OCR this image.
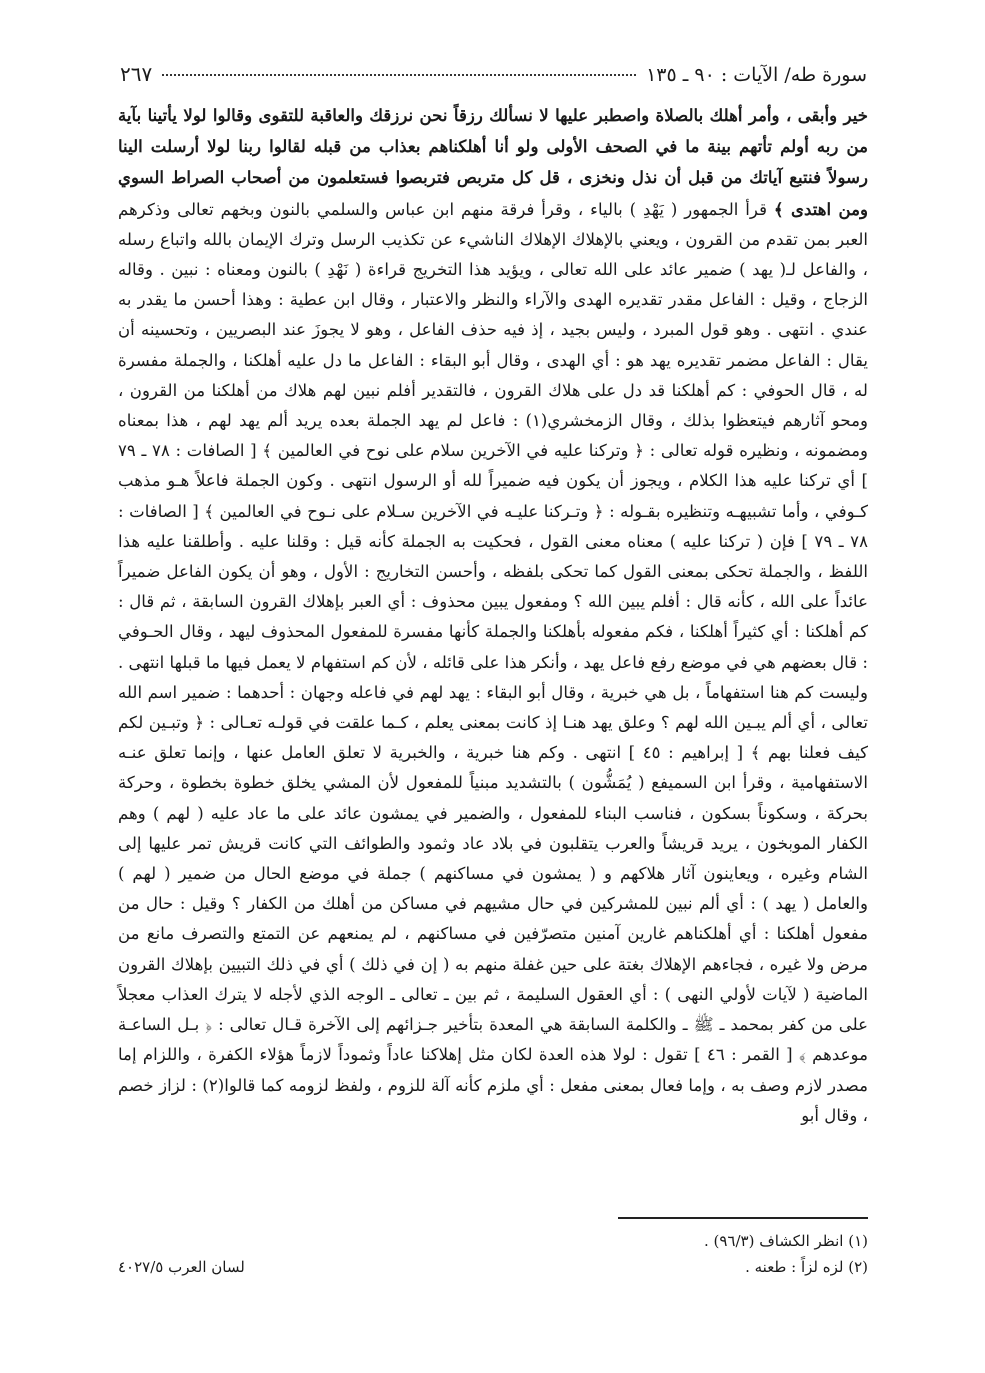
سورة طه/ الآيات : ٩٠ ـ ١٣٥
٢٦٧

خير وأبقى ، وأمر أهلك بالصلاة واصطبر عليها لا نسألك رزقاً نحن نرزقك والعاقبة للتقوى وقالوا لولا يأتينا بآية من ربه أولم تأتهم بينة ما في الصحف الأولى ولو أنا أهلكناهم بعذاب من قبله لقالوا ربنا لولا أرسلت الينا رسولاً فنتبع آياتك من قبل أن نذل ونخزى ، قل كل متربص فتربصوا فستعلمون من أصحاب الصراط السوي ومن اهتدى ﴾ قرأ الجمهور ( يَهْدِ ) بالياء ، وقرأ فرقة منهم ابن عباس والسلمي بالنون وبخهم تعالى وذكرهم العبر بمن تقدم من القرون ، ويعني بالإهلاك الإهلاك الناشيء عن تكذيب الرسل وترك الإيمان بالله واتباع رسله ، والفاعل لـ( يهد ) ضمير عائد على الله تعالى ، ويؤيد هذا التخريج قراءة ( نَهْدِ ) بالنون ومعناه : نبين . وقاله الزجاج ، وقيل : الفاعل مقدر تقديره الهدى والآراء والنظر والاعتبار ، وقال ابن عطية : وهذا أحسن ما يقدر به عندي . انتهى . وهو قول المبرد ، وليس بجيد ، إذ فيه حذف الفاعل ، وهو لا يجوزَ عند البصريين ، وتحسينه أن يقال : الفاعل مضمر تقديره يهد هو : أي الهدى ، وقال أبو البقاء : الفاعل ما دل عليه أهلكنا ، والجملة مفسرة له ، قال الحوفي : كم أهلكنا قد دل على هلاك القرون ، فالتقدير أفلم نبين لهم هلاك من أهلكنا من القرون ، ومحو آثارهم فيتعظوا بذلك ، وقال الزمخشري(١) : فاعل لم يهد الجملة بعده يريد ألم يهد لهم ، هذا بمعناه ومضمونه ، ونظيره قوله تعالى : ﴿ وتركنا عليه في الآخرين سلام على نوح في العالمين ﴾ [ الصافات : ٧٨ ـ ٧٩ ] أي تركنا عليه هذا الكلام ، ويجوز أن يكون فيه ضميراً لله أو الرسول انتهى . وكون الجملة فاعلاً هـو مذهب كـوفي ، وأما تشبيهـه وتنظيره بقـوله : ﴿ وتـركنا عليـه في الآخرين سـلام على نـوح في العالمين ﴾ [ الصافات : ٧٨ ـ ٧٩ ] فإن ( تركنا عليه ) معناه معنى القول ، فحكيت به الجملة كأنه قيل : وقلنا عليه . وأطلقنا عليه هذا اللفظ ، والجملة تحكى بمعنى القول كما تحكى بلفظه ، وأحسن التخاريج : الأول ، وهو أن يكون الفاعل ضميراً عائداً على الله ، كأنه قال : أفلم يبين الله ؟ ومفعول يبين محذوف : أي العبر بإهلاك القرون السابقة ، ثم قال : كم أهلكنا : أي كثيراً أهلكنا ، فكم مفعوله بأهلكنا والجملة كأنها مفسرة للمفعول المحذوف ليهد ، وقال الحـوفي : قال بعضهم هي في موضع رفع فاعل يهد ، وأنكر هذا على قائله ، لأن كم استفهام لا يعمل فيها ما قبلها انتهى . وليست كم هنا استفهاماً ، بل هي خبرية ، وقال أبو البقاء : يهد لهم في فاعله وجهان : أحدهما : ضمير اسم الله تعالى ، أي ألم يبـين الله لهم ؟ وعلق يهد هنـا إذ كانت بمعنى يعلم ، كـما علقت في قولـه تعـالى : ﴿ وتبـين لكم كيف فعلنا بهم ﴾ [ إبراهيم : ٤٥ ] انتهى . وكم هنا خبرية ، والخبرية لا تعلق العامل عنها ، وإنما تعلق عنـه الاستفهامية ، وقرأ ابن السميفع ( يُمَشُّون ) بالتشديد مبنياً للمفعول لأن المشي يخلق خطوة بخطوة ، وحركة بحركة ، وسكوناً بسكون ، فناسب البناء للمفعول ، والضمير في يمشون عائد على ما عاد عليه ( لهم ) وهم الكفار الموبخون ، يريد قريشاً والعرب يتقلبون في بلاد عاد وثمود والطوائف التي كانت قريش تمر عليها إلى الشام وغيره ، ويعاينون آثار هلاكهم و ( يمشون في مساكنهم ) جملة في موضع الحال من ضمير ( لهم ) والعامل ( يهد ) : أي ألم نبين للمشركين في حال مشيهم في مساكن من أهلك من الكفار ؟ وقيل : حال من مفعول أهلكنا : أي أهلكناهم غارين آمنين متصرّفين في مساكنهم ، لم يمنعهم عن التمتع والتصرف مانع من مرض ولا غيره ، فجاءهم الإهلاك بغتة على حين غفلة منهم به ( إن في ذلك ) أي في ذلك التبيين بإهلاك القرون الماضية ( لآيات لأولي النهى ) : أي العقول السليمة ، ثم بين ـ تعالى ـ الوجه الذي لأجله لا يترك العذاب معجلاً على من كفر بمحمد ـ ﷺ ـ والكلمة السابقة هي المعدة بتأخير جـزائهم إلى الآخرة قـال تعالى : ﴿ بـل الساعـة موعدهم ﴾ [ القمر : ٤٦ ] تقول : لولا هذه العدة لكان مثل إهلاكنا عاداً وثموداً لازماً هؤلاء الكفرة ، واللزام إما مصدر لازم وصف به ، وإما فعال بمعنى مفعل : أي ملزم كأنه آلة للزوم ، ولفظ لزومه كما قالوا(٢) : لزاز خصم ، وقال أبو

(١) انظر الكشاف (٩٦/٣) .
(٢) لزه لزاً : طعنه .
لسان العرب ٤٠٢٧/٥
